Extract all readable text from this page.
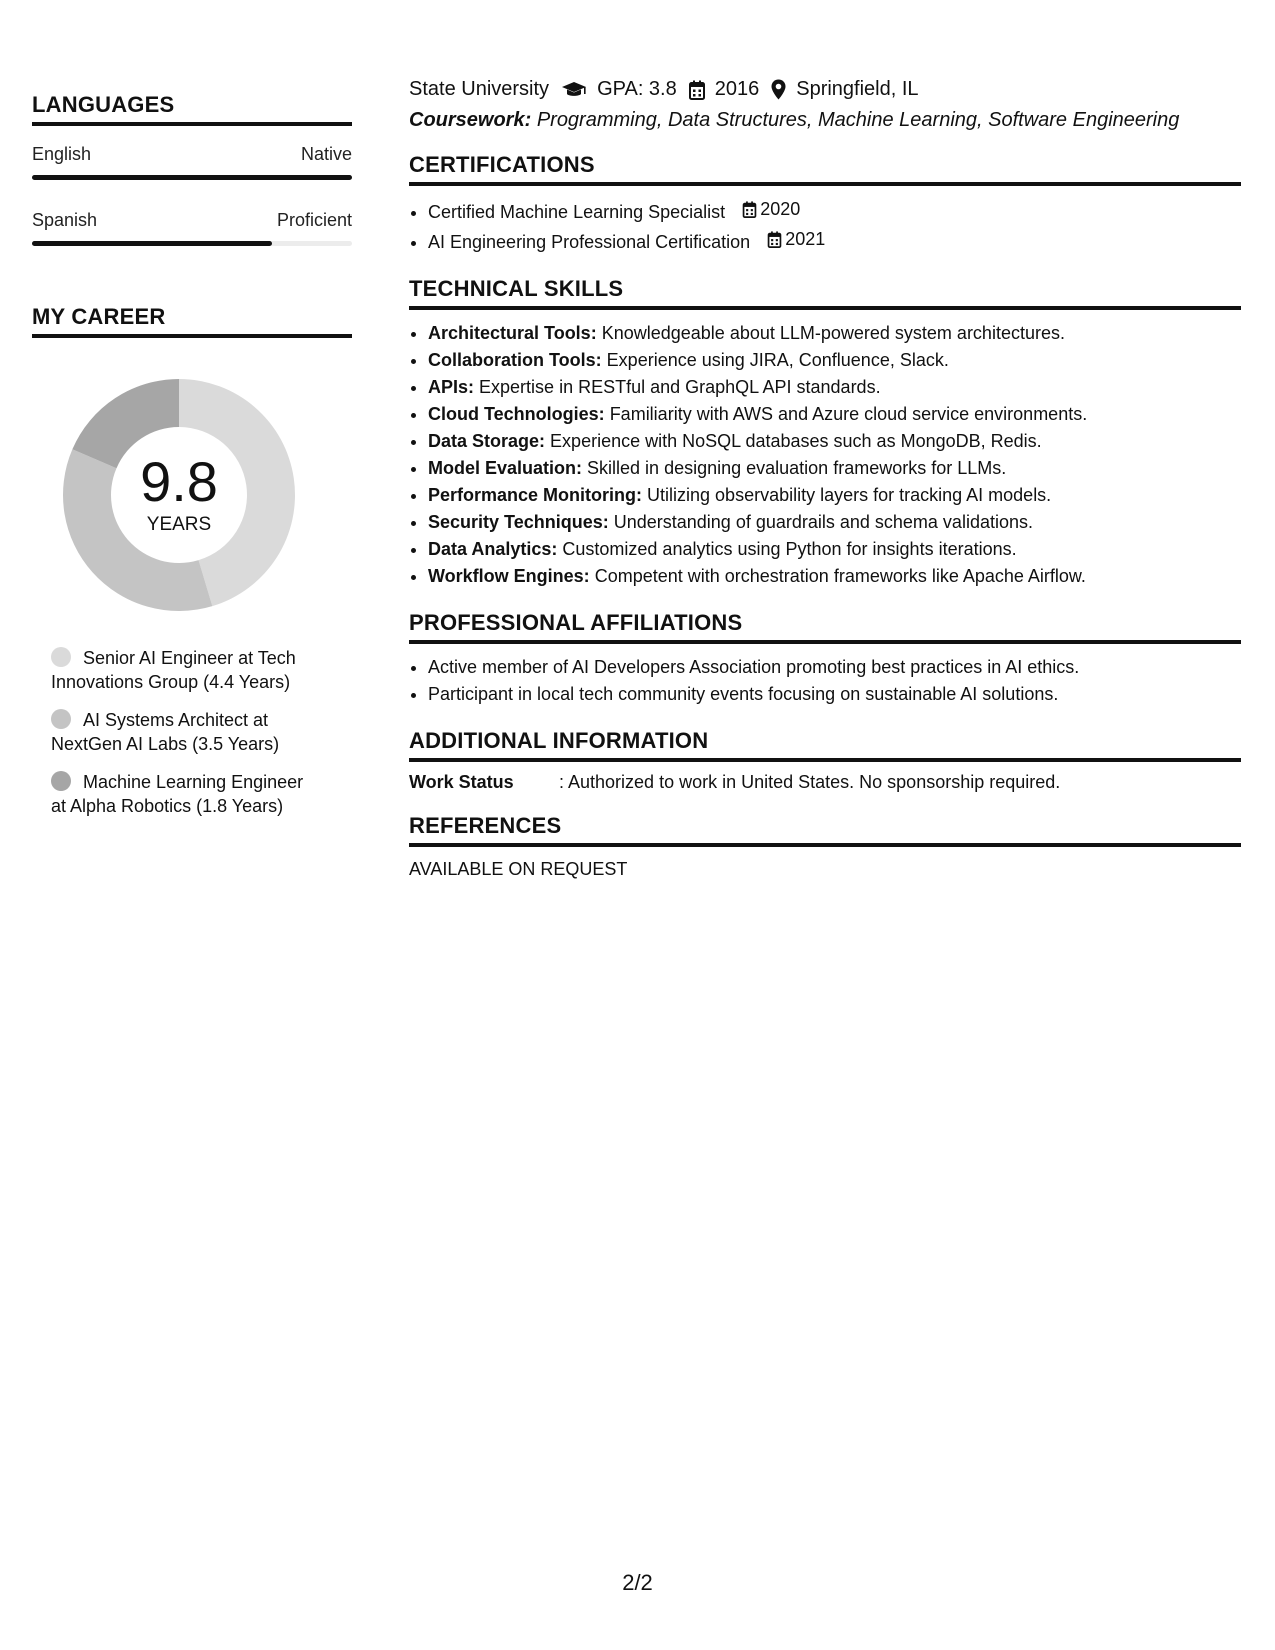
LANGUAGES
English	Native
Spanish	Proficient
MY CAREER
9.8
YEARS
Senior AI Engineer at Tech Innovations Group (4.4 Years)
AI Systems Architect at NextGen AI Labs (3.5 Years)
Machine Learning Engineer at Alpha Robotics (1.8 Years)
State University GPA: 3.8 2016 Springfield, IL
Coursework: Programming, Data Structures, Machine Learning, Software Engineering
CERTIFICATIONS
• Certified Machine Learning Specialist 2020
• AI Engineering Professional Certification 2021
TECHNICAL SKILLS
• Architectural Tools: Knowledgeable about LLM-powered system architectures.
• Collaboration Tools: Experience using JIRA, Confluence, Slack.
• APIs: Expertise in RESTful and GraphQL API standards.
• Cloud Technologies: Familiarity with AWS and Azure cloud service environments.
• Data Storage: Experience with NoSQL databases such as MongoDB, Redis.
• Model Evaluation: Skilled in designing evaluation frameworks for LLMs.
• Performance Monitoring: Utilizing observability layers for tracking AI models.
• Security Techniques: Understanding of guardrails and schema validations.
• Data Analytics: Customized analytics using Python for insights iterations.
• Workflow Engines: Competent with orchestration frameworks like Apache Airflow.
PROFESSIONAL AFFILIATIONS
• Active member of AI Developers Association promoting best practices in AI ethics.
• Participant in local tech community events focusing on sustainable AI solutions.
ADDITIONAL INFORMATION
Work Status	: Authorized to work in United States. No sponsorship required.
REFERENCES
AVAILABLE ON REQUEST
2/2
